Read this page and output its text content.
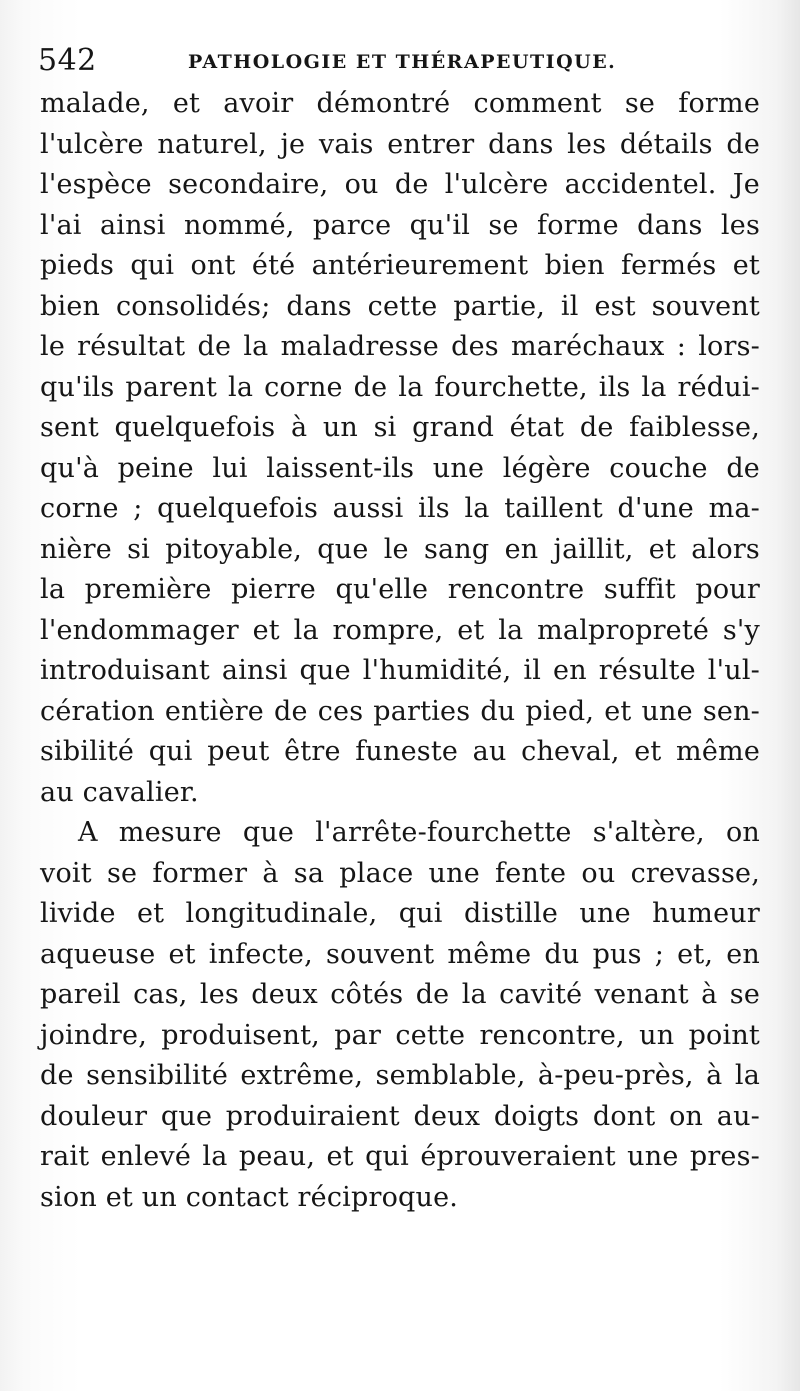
542	PATHOLOGIE ET THÉRAPEUTIQUE.

malade, et avoir démontré comment se forme
l'ulcère naturel, je vais entrer dans les détails de
l'espèce secondaire, ou de l'ulcère accidentel. Je
l'ai ainsi nommé, parce qu'il se forme dans les
pieds qui ont été antérieurement bien fermés et
bien consolidés; dans cette partie, il est souvent
le résultat de la maladresse des maréchaux : lors-
qu'ils parent la corne de la fourchette, ils la rédui-
sent quelquefois à un si grand état de faiblesse,
qu'à peine lui laissent-ils une légère couche de
corne ; quelquefois aussi ils la taillent d'une ma-
nière si pitoyable, que le sang en jaillit, et alors
la première pierre qu'elle rencontre suffit pour
l'endommager et la rompre, et la malpropreté s'y
introduisant ainsi que l'humidité, il en résulte l'ul-
cération entière de ces parties du pied, et une sen-
sibilité qui peut être funeste au cheval, et même
au cavalier.
A mesure que l'arrête-fourchette s'altère, on
voit se former à sa place une fente ou crevasse,
livide et longitudinale, qui distille une humeur
aqueuse et infecte, souvent même du pus ; et, en
pareil cas, les deux côtés de la cavité venant à se
joindre, produisent, par cette rencontre, un point
de sensibilité extrême, semblable, à-peu-près, à la
douleur que produiraient deux doigts dont on au-
rait enlevé la peau, et qui éprouveraient une pres-
sion et un contact réciproque.
